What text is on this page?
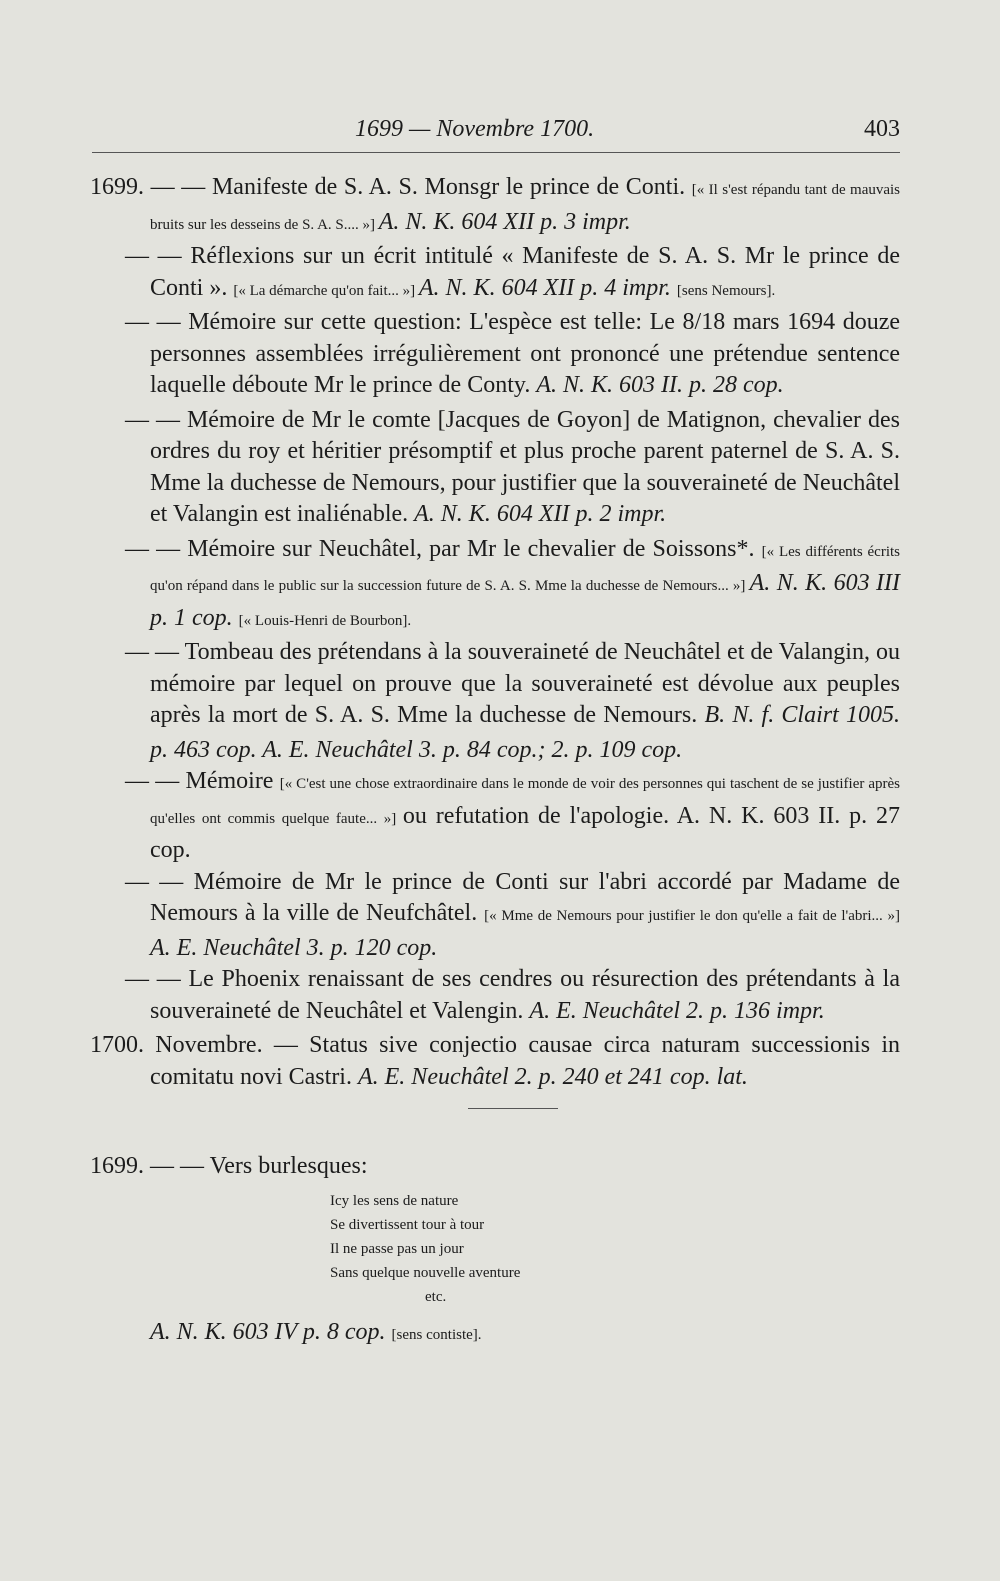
1699 — Novembre 1700.	403

1699. — — Manifeste de S. A. S. Monsgr le prince de Conti. [« Il s'est répandu tant de mauvais bruits sur les desseins de S. A. S.... »] A. N. K. 604 XII p. 3 impr.

— — Réflexions sur un écrit intitulé « Manifeste de S. A. S. Mr le prince de Conti ». [« La démarche qu'on fait... »] A. N. K. 604 XII p. 4 impr. [sens Nemours].

— — Mémoire sur cette question: L'espèce est telle: Le 8/18 mars 1694 douze personnes assemblées irrégulièrement ont prononcé une prétendue sentence laquelle déboute Mr le prince de Conty. A. N. K. 603 II. p. 28 cop.

— — Mémoire de Mr le comte [Jacques de Goyon] de Matignon, chevalier des ordres du roy et héritier présomptif et plus proche parent paternel de S. A. S. Mme la duchesse de Nemours, pour justifier que la souveraineté de Neuchâtel et Valangin est inaliénable. A. N. K. 604 XII p. 2 impr.

— — Mémoire sur Neuchâtel, par Mr le chevalier de Soissons*. [« Les différents écrits qu'on répand dans le public sur la succession future de S. A. S. Mme la duchesse de Nemours... »] A. N. K. 603 III p. 1 cop. [« Louis-Henri de Bourbon].

— — Tombeau des prétendans à la souveraineté de Neuchâtel et de Valangin, ou mémoire par lequel on prouve que la souveraineté est dévolue aux peuples après la mort de S. A. S. Mme la duchesse de Nemours. B. N. f. Clairt 1005. p. 463 cop. A. E. Neuchâtel 3. p. 84 cop.; 2. p. 109 cop.

— — Mémoire [« C'est une chose extraordinaire dans le monde de voir des personnes qui taschent de se justifier après qu'elles ont commis quelque faute... »] ou refutation de l'apologie. A. N. K. 603 II. p. 27 cop.

— — Mémoire de Mr le prince de Conti sur l'abri accordé par Madame de Nemours à la ville de Neufchâtel. [« Mme de Nemours pour justifier le don qu'elle a fait de l'abri... »] A. E. Neuchâtel 3. p. 120 cop.

— — Le Phoenix renaissant de ses cendres ou résurection des prétendants à la souveraineté de Neuchâtel et Valengin. A. E. Neuchâtel 2. p. 136 impr.

1700. Novembre. — Status sive conjectio causae circa naturam successionis in comitatu novi Castri. A. E. Neuchâtel 2. p. 240 et 241 cop. lat.

1699. — — Vers burlesques:

Icy les sens de nature
Se divertissent tour à tour
Il ne passe pas un jour
Sans quelque nouvelle aventure
etc.

A. N. K. 603 IV p. 8 cop. [sens contiste].
